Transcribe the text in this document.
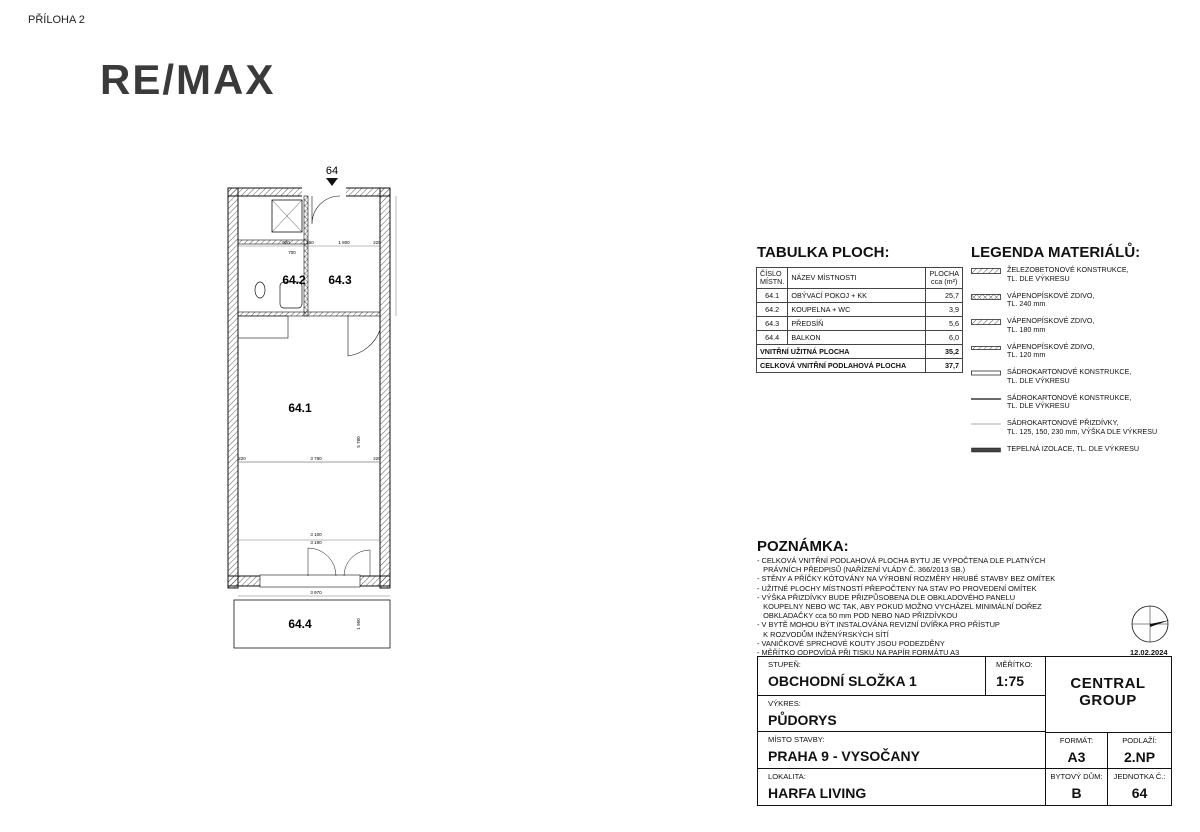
PŘÍLOHA 2
RE/MAX
64
64.2 64.3
64.1
64.4
920	150	1 800	220
220	3 780	220
3 100
3 190
3 970
1 950
700
5 780
TABULKA PLOCH:
ČÍSLO MÍSTN.	NÁZEV MÍSTNOSTI	PLOCHA
cca (m²)
64.1	OBÝVACÍ POKOJ + KK	25,7
64.2	KOUPELNA + WC	3,9
64.3	PŘEDSÍŇ	5,6
64.4	BALKON	6,0
VNITŘNÍ UŽITNÁ PLOCHA		35,2
CELKOVÁ VNITŘNÍ PODLAHOVÁ PLOCHA		37,7
LEGENDA MATERIÁLŮ:
ŽELEZOBETONOVÉ KONSTRUKCE,
TL. DLE VÝKRESU
VÁPENOPÍSKOVÉ ZDIVO,
TL. 240 mm
VÁPENOPÍSKOVÉ ZDIVO,
TL. 180 mm
VÁPENOPÍSKOVÉ ZDIVO,
TL. 120 mm
SÁDROKARTONOVÉ KONSTRUKCE,
TL. DLE VÝKRESU
SÁDROKARTONOVÉ KONSTRUKCE,
TL. DLE VÝKRESU
SÁDROKARTONOVÉ PŘIZDÍVKY,
TL. 125, 150, 230 mm, VÝŠKA DLE VÝKRESU
TEPELNÁ IZOLACE, TL. DLE VÝKRESU
POZNÁMKA:
- CELKOVÁ VNITŘNÍ PODLAHOVÁ PLOCHA BYTU JE VYPOČTENA DLE PLATNÝCH
PRÁVNÍCH PŘEDPISŮ (NAŘÍZENÍ VLÁDY Č. 366/2013 SB.)
- STĚNY A PŘÍČKY KÓTOVÁNY NA VÝROBNÍ ROZMĚRY HRUBÉ STAVBY BEZ OMÍTEK
- UŽITNÉ PLOCHY MÍSTNOSTÍ PŘEPOČTENY NA STAV PO PROVEDENÍ OMÍTEK
- VÝŠKA PŘIZDÍVKY BUDE PŘIZPŮSOBENA DLE OBKLADOVÉHO PANELU
KOUPELNY NEBO WC TAK, ABY POKUD MOŽNO VYCHÁZEL MINIMÁLNÍ DOŘEZ
OBKLADAČKY cca 50 mm POD NEBO NAD PŘIZDÍVKOU
- V BYTĚ MOHOU BÝT INSTALOVÁNA REVIZNÍ DVÍŘKA PRO PŘÍSTUP
K ROZVODŮM INŽENÝRSKÝCH SÍTÍ
- VANIČKOVÉ SPRCHOVÉ KOUTY JSOU PODEZDĚNY
- MĚŘÍTKO ODPOVÍDÁ PŘI TISKU NA PAPÍR FORMÁTU A3	12.02.2024
STUPEŇ:
OBCHODNÍ SLOŽKA 1
MĚŘÍTKO:
1:75
VÝKRES:
PŮDORYS
CENTRAL
GROUP
MÍSTO STAVBY:
PRAHA 9 - VYSOČANY
FORMÁT:
A3
PODLAŽÍ:
2.NP
LOKALITA:
HARFA LIVING
BYTOVÝ DŮM:
B
JEDNOTKA Č.:
64
